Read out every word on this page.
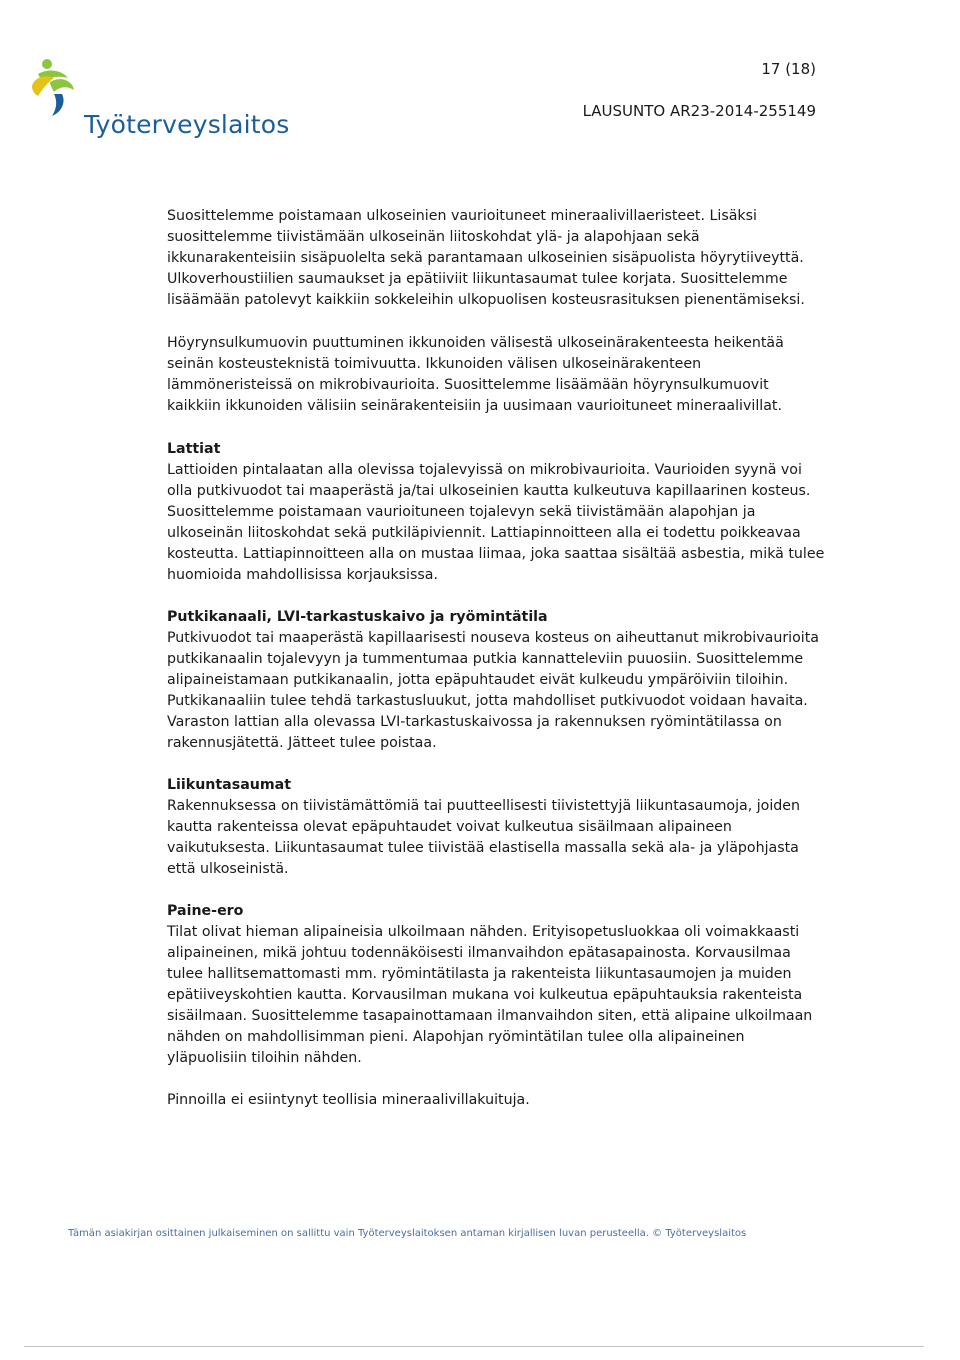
Työterveyslaitos
17 (18)
LAUSUNTO AR23-2014-255149

Suosittelemme poistamaan ulkoseinien vaurioituneet mineraalivillaeristeet. Lisäksi suosittelemme tiivistämään ulkoseinän liitoskohdat ylä- ja alapohjaan sekä ikkunarakenteisiin sisäpuolelta sekä parantamaan ulkoseinien sisäpuolista höyrytiiveyttä. Ulkoverhoustiilien saumaukset ja epätiiviit liikuntasaumat tulee korjata. Suosittelemme lisäämään patolevyt kaikkiin sokkeleihin ulkopuolisen kosteusrasituksen pienentämiseksi.

Höyrynsulkumuovin puuttuminen ikkunoiden välisestä ulkoseinärakenteesta heikentää seinän kosteusteknistä toimivuutta. Ikkunoiden välisen ulkoseinärakenteen lämmöneristeissä on mikrobivaurioita. Suosittelemme lisäämään höyrynsulkumuovit kaikkiin ikkunoiden välisiin seinärakenteisiin ja uusimaan vaurioituneet mineraalivillat.

Lattiat

Lattioiden pintalaatan alla olevissa tojalevyissä on mikrobivaurioita. Vaurioiden syynä voi olla putkivuodot tai maaperästä ja/tai ulkoseinien kautta kulkeutuva kapillaarinen kosteus. Suosittelemme poistamaan vaurioituneen tojalevyn sekä tiivistämään alapohjan ja ulkoseinän liitoskohdat sekä putkiläpiviennit. Lattiapinnoitteen alla ei todettu poikkeavaa kosteutta. Lattiapinnoitteen alla on mustaa liimaa, joka saattaa sisältää asbestia, mikä tulee huomioida mahdollisissa korjauksissa.

Putkikanaali, LVI-tarkastuskaivo ja ryömintätila

Putkivuodot tai maaperästä kapillaarisesti nouseva kosteus on aiheuttanut mikrobivaurioita putkikanaalin tojalevyyn ja tummentumaa putkia kannatteleviin puuosiin. Suosittelemme alipaineistamaan putkikanaalin, jotta epäpuhtaudet eivät kulkeudu ympäröiviin tiloihin. Putkikanaaliin tulee tehdä tarkastusluukut, jotta mahdolliset putkivuodot voidaan havaita. Varaston lattian alla olevassa LVI-tarkastuskaivossa ja rakennuksen ryömintätilassa on rakennusjätettä. Jätteet tulee poistaa.

Liikuntasaumat

Rakennuksessa on tiivistämättömiä tai puutteellisesti tiivistettyjä liikuntasaumoja, joiden kautta rakenteissa olevat epäpuhtaudet voivat kulkeutua sisäilmaan alipaineen vaikutuksesta. Liikuntasaumat tulee tiivistää elastisella massalla sekä ala- ja yläpohjasta että ulkoseinistä.

Paine-ero

Tilat olivat hieman alipaineisia ulkoilmaan nähden. Erityisopetusluokkaa oli voimakkaasti alipaineinen, mikä johtuu todennäköisesti ilmanvaihdon epätasapainosta. Korvausilmaa tulee hallitsemattomasti mm. ryömintätilasta ja rakenteista liikuntasaumojen ja muiden epätiiveyskohtien kautta. Korvausilman mukana voi kulkeutua epäpuhtauksia rakenteista sisäilmaan. Suosittelemme tasapainottamaan ilmanvaihdon siten, että alipaine ulkoilmaan nähden on mahdollisimman pieni. Alapohjan ryömintätilan tulee olla alipaineinen yläpuolisiin tiloihin nähden.

Pinnoilla ei esiintynyt teollisia mineraalivillakuituja.

Tämän asiakirjan osittainen julkaiseminen on sallittu vain Työterveyslaitoksen antaman kirjallisen luvan perusteella. © Työterveyslaitos
